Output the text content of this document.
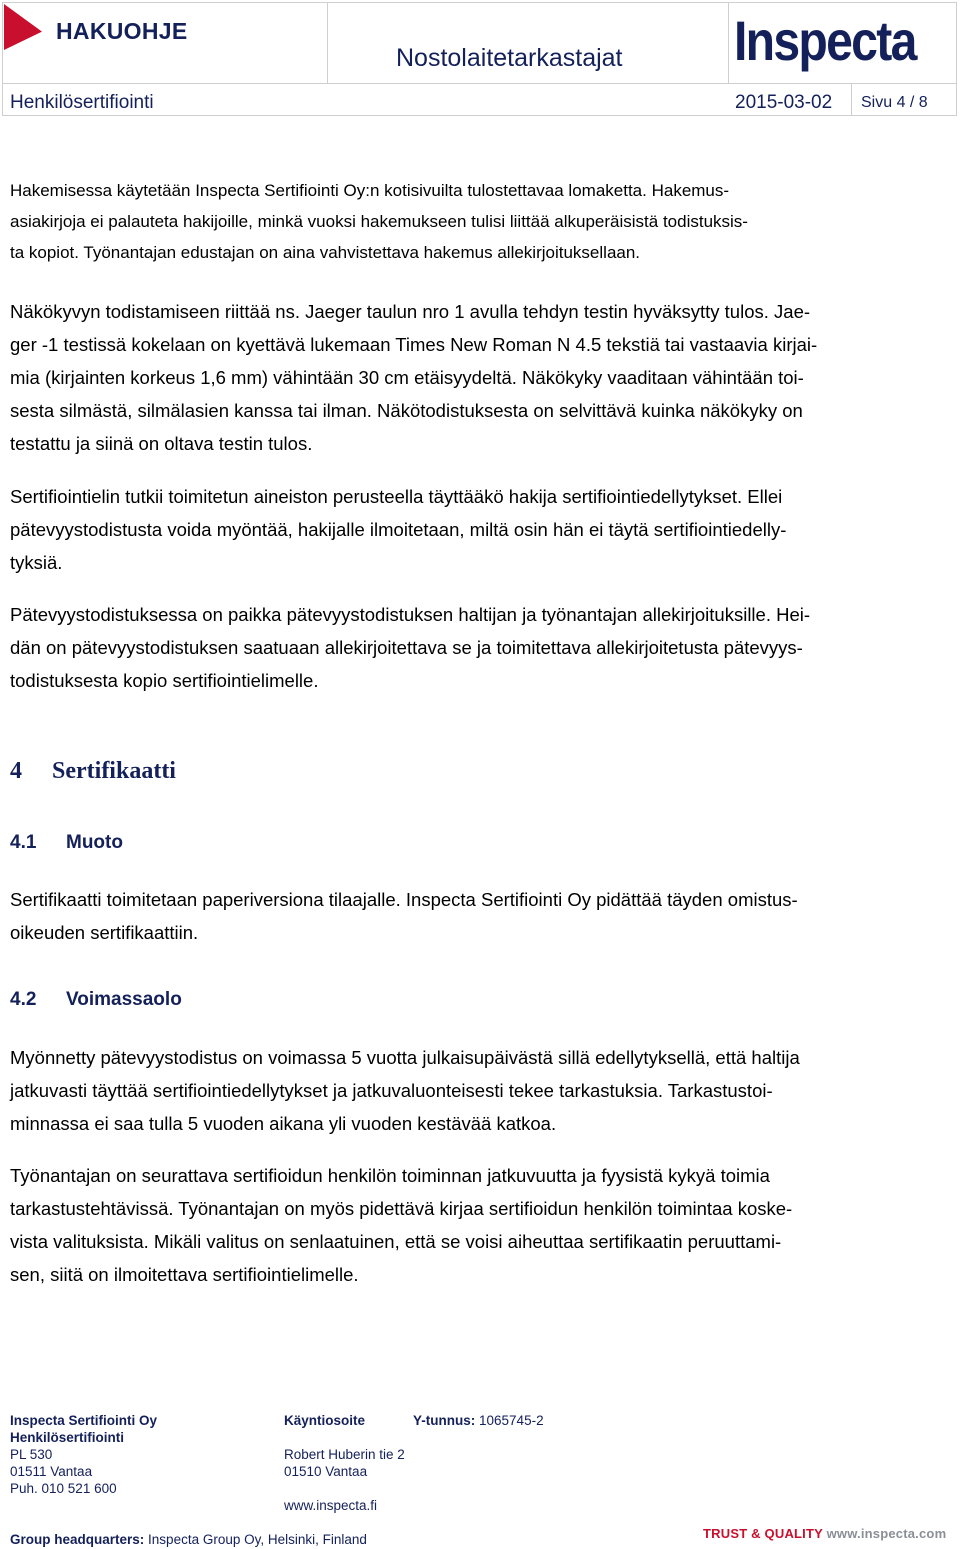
HAKUOHJE
Nostolaitetarkastajat Inspecta
Henkilösertifiointi	2015-03-02 Sivu 4 / 8
Hakemisessa käytetään Inspecta Sertifiointi Oy:n kotisivuilta tulostettavaa lomaketta. Hakemus-
asiakirjoja ei palauteta hakijoille, minkä vuoksi hakemukseen tulisi liittää alkuperäisistä todistuksis-
ta kopiot. Työnantajan edustajan on aina vahvistettava hakemus allekirjoituksellaan.
Näkökyvyn todistamiseen riittää ns. Jaeger taulun nro 1 avulla tehdyn testin hyväksytty tulos. Jae-
ger -1 testissä kokelaan on kyettävä lukemaan Times New Roman N 4.5 tekstiä tai vastaavia kirjai-
mia (kirjainten korkeus 1,6 mm) vähintään 30 cm etäisyydeltä. Näkökyky vaaditaan vähintään toi-
sesta silmästä, silmälasien kanssa tai ilman. Näkötodistuksesta on selvittävä kuinka näkökyky on
testattu ja siinä on oltava testin tulos.
Sertifiointielin tutkii toimitetun aineiston perusteella täyttääkö hakija sertifiointiedellytykset. Ellei
pätevyystodistusta voida myöntää, hakijalle ilmoitetaan, miltä osin hän ei täytä sertifiointiedelly-
tyksiä.
Pätevyystodistuksessa on paikka pätevyystodistuksen haltijan ja työnantajan allekirjoituksille. Hei-
dän on pätevyystodistuksen saatuaan allekirjoitettava se ja toimitettava allekirjoitetusta pätevyys-
todistuksesta kopio sertifiointielimelle.
4 Sertifikaatti
4.1 Muoto
Sertifikaatti toimitetaan paperiversiona tilaajalle. Inspecta Sertifiointi Oy pidättää täyden omistus-
oikeuden sertifikaattiin.
4.2 Voimassaolo
Myönnetty pätevyystodistus on voimassa 5 vuotta julkaisupäivästä sillä edellytyksellä, että haltija
jatkuvasti täyttää sertifiointiedellytykset ja jatkuvaluonteisesti tekee tarkastuksia. Tarkastustoi-
minnassa ei saa tulla 5 vuoden aikana yli vuoden kestävää katkoa.
Työnantajan on seurattava sertifioidun henkilön toiminnan jatkuvuutta ja fyysistä kykyä toimia
tarkastustehtävissä. Työnantajan on myös pidettävä kirjaa sertifioidun henkilön toimintaa koske-
vista valituksista. Mikäli valitus on senlaatuinen, että se voisi aiheuttaa sertifikaatin peruuttami-
sen, siitä on ilmoitettava sertifiointielimelle.
Inspecta Sertifiointi Oy
Henkilösertifiointi
PL 530
01511 Vantaa
Puh. 010 521 600
Käyntiosoite

Robert Huberin tie 2
01510 Vantaa

www.inspecta.fi
Y-tunnus: 1065745-2
Group headquarters: Inspecta Group Oy, Helsinki, Finland	TRUST & QUALITY www.inspecta.com
